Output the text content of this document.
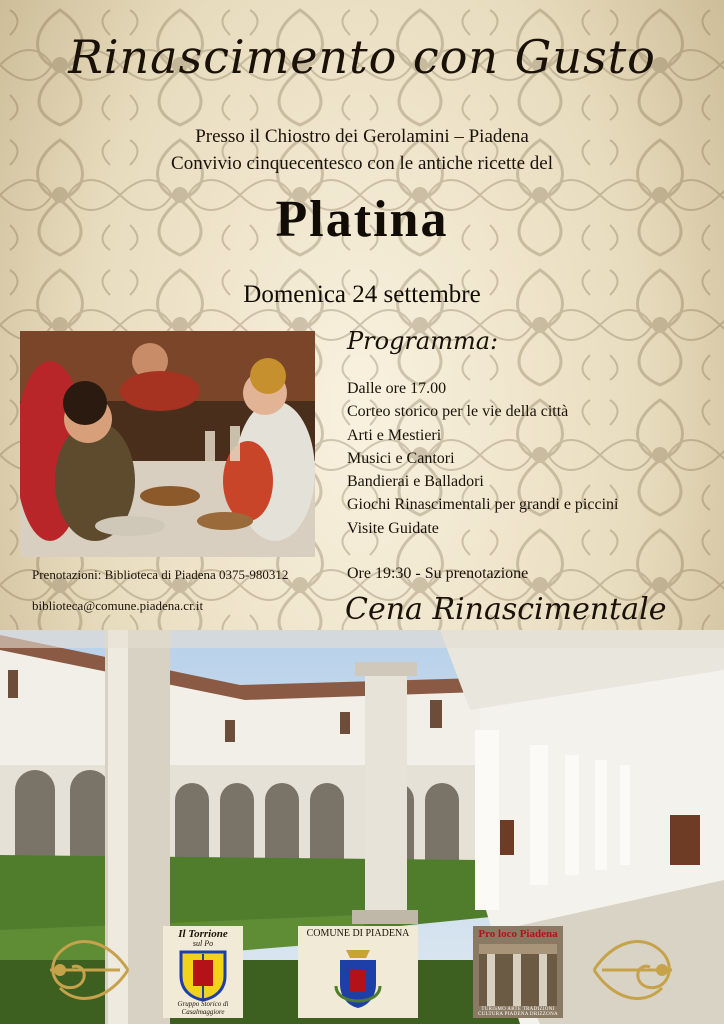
Rinascimento con Gusto
Presso il Chiostro dei Gerolamini – Piadena
Convivio cinquecentesco con le antiche ricette del
Platina
Domenica 24 settembre
Programma:
Dalle ore 17.00
Corteo storico per le vie della città
Arti e Mestieri
Musici e Cantori
Bandierai e Balladori
Giochi Rinascimentali per grandi e piccini
Visite Guidate
Prenotazioni: Biblioteca di Piadena 0375-980312
biblioteca@comune.piadena.cr.it
Ore 19:30 - Su prenotazione
Cena Rinascimentale
Il Torrione
sul Po
Gruppo Storico di Casalmaggiore
COMUNE DI PIADENA	Pro loco Piadena
TURISMO ARTE TRADIZIONI CULTURA PIADENA DRIZZONA
